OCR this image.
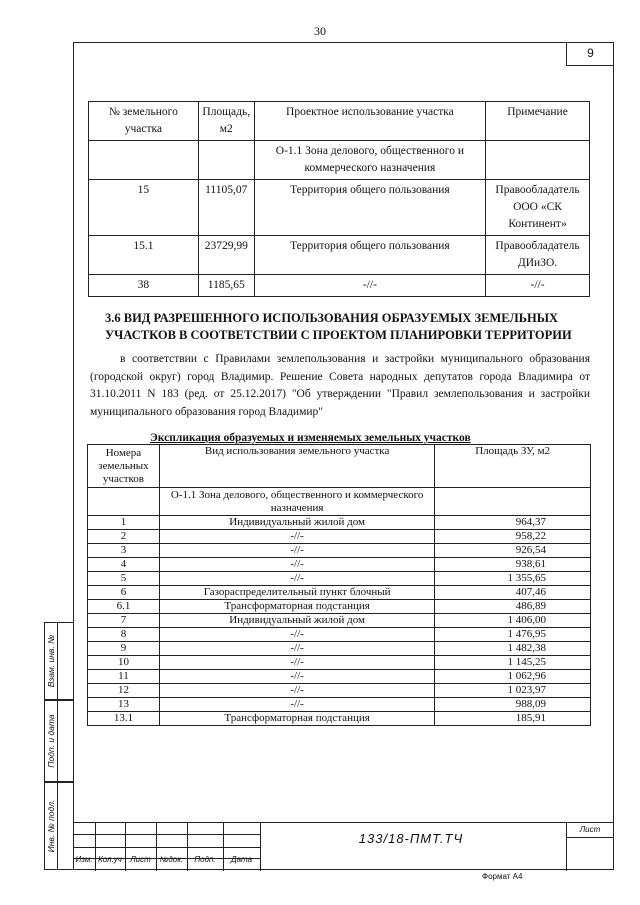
30
9
№ земельного участка	Площадь, м2	Проектное использование участка	Примечание
		О-1.1 Зона делового, общественного и коммерческого назначения	
15	11105,07	Территория общего пользования	Правообладатель ООО «СК Континент»
15.1	23729,99	Территория общего пользования	Правообладатель ДИиЗО.
38	1185,65	-//-	-//-
3.6 ВИД РАЗРЕШЕННОГО ИСПОЛЬЗОВАНИЯ ОБРАЗУЕМЫХ ЗЕМЕЛЬНЫХ УЧАСТКОВ В СООТВЕТСТВИИ С ПРОЕКТОМ ПЛАНИРОВКИ ТЕРРИТОРИИ
в соответствии с Правилами землепользования и застройки муниципального образования (городской округ) город Владимир. Решение Совета народных депутатов города Владимира от 31.10.2011 N 183 (ред. от 25.12.2017) "Об утверждении "Правил землепользования и застройки муниципального образования город Владимир"
Экспликация образуемых и изменяемых земельных участков
Номера земельных участков	Вид использования земельного участка	Площадь ЗУ, м2
	О-1.1 Зона делового, общественного и коммерческого назначения	
1	Индивидуальный жилой дом	964,37
2	-//-	958,22
3	-//-	926,54
4	-//-	938,61
5	-//-	1 355,65
6	Газораспределительный пункт блочный	407,46
6.1	Трансформаторная подстанция	486,89
7	Индивидуальный жилой дом	1 406,00
8	-//-	1 476,95
9	-//-	1 482,38
10	-//-	1 145,25
11	-//-	1 062,96
12	-//-	1 023,97
13	-//-	988,09
13.1	Трансформаторная подстанция	185,91
Взам. инв. №
Подп. и дата
Инв. № подл.
Изм. Кол.уч	Лист	№док.	Подп.	Дата
133/18-ПМТ.ТЧ
Лист
Формат А4
